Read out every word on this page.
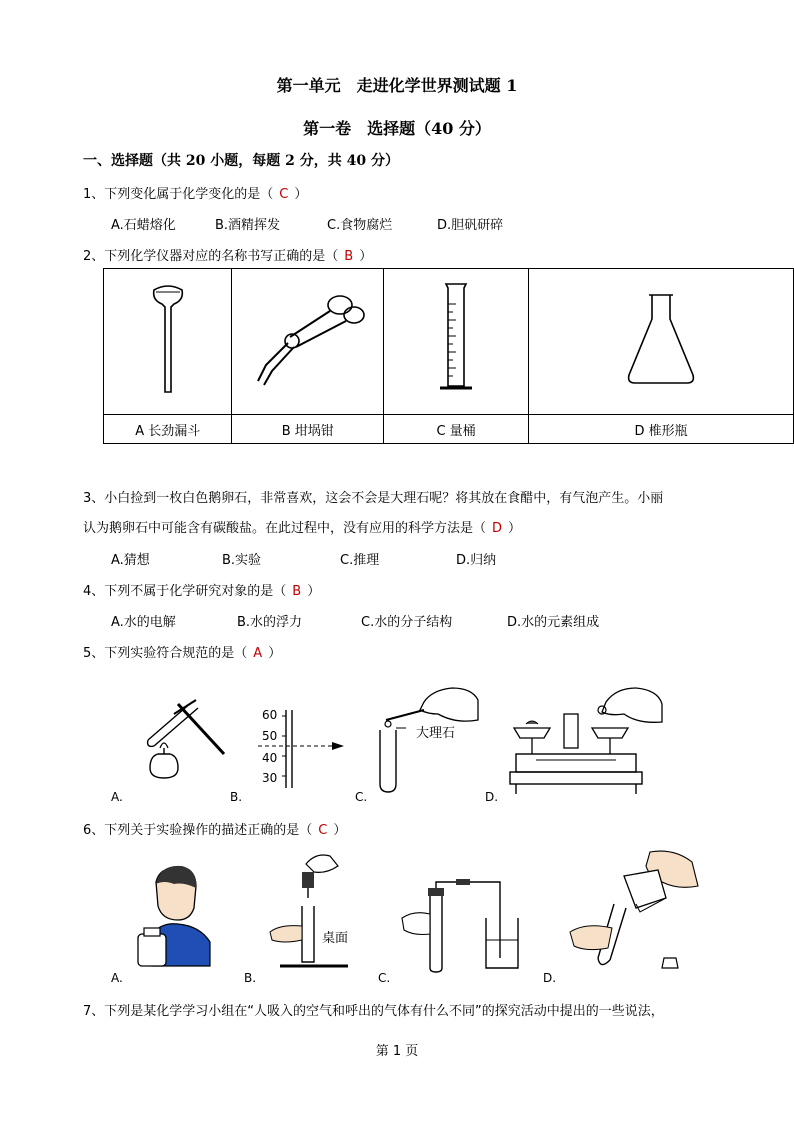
第一单元　走进化学世界测试题 1
第一卷　选择题（40 分）
一、选择题（共 20 小题，每题 2 分，共 40 分）
1、下列变化属于化学变化的是（ C ）
A.石蜡熔化	B.酒精挥发	C.食物腐烂	D.胆矾研碎
2、下列化学仪器对应的名称书写正确的是（ B ）

A 长劲漏斗	B 坩埚钳	C 量桶	D 椎形瓶
3、小白捡到一枚白色鹅卵石，非常喜欢，这会不会是大理石呢？将其放在食醋中，有气泡产生。小丽
认为鹅卵石中可能含有碳酸盐。在此过程中，没有应用的科学方法是（ D ）
A.猜想	B.实验	C.推理	D.归纳
4、下列不属于化学研究对象的是（ B ）
A.水的电解	B.水的浮力	C.水的分子结构	D.水的元素组成
5、下列实验符合规范的是（ A ）
A.
60
50
40
30
B.
大理石
C.	D.
6、下列关于实验操作的描述正确的是（ C ）
A.
桌面
B.	C.	D.
7、下列是某化学学习小组在“人吸入的空气和呼出的气体有什么不同”的探究活动中提出的一些说法，
第 1 页
